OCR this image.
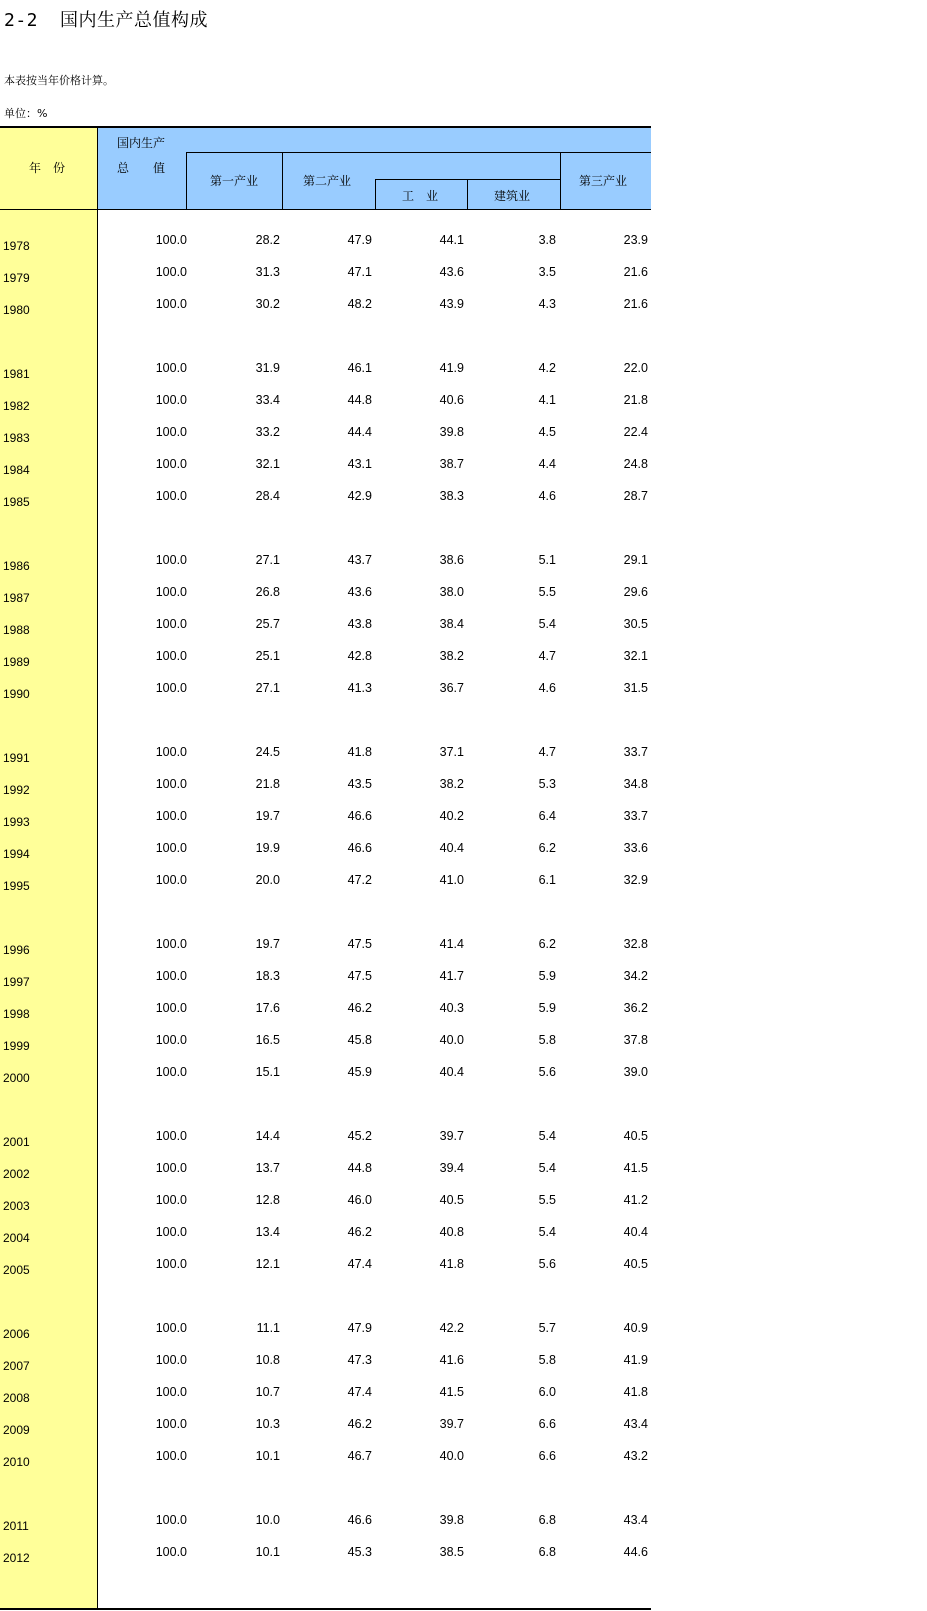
2-2 国内生产总值构成
本表按当年价格计算。
单位：%
年　份
国内生产
总　　值
第一产业	第二产业
工　业	建筑业
第三产业
1978	100.0	28.2	47.9	44.1	3.8	23.9
1979	100.0	31.3	47.1	43.6	3.5	21.6
1980	100.0	30.2	48.2	43.9	4.3	21.6
1981	100.0	31.9	46.1	41.9	4.2	22.0
1982	100.0	33.4	44.8	40.6	4.1	21.8
1983	100.0	33.2	44.4	39.8	4.5	22.4
1984	100.0	32.1	43.1	38.7	4.4	24.8
1985	100.0	28.4	42.9	38.3	4.6	28.7
1986	100.0	27.1	43.7	38.6	5.1	29.1
1987	100.0	26.8	43.6	38.0	5.5	29.6
1988	100.0	25.7	43.8	38.4	5.4	30.5
1989	100.0	25.1	42.8	38.2	4.7	32.1
1990	100.0	27.1	41.3	36.7	4.6	31.5
1991	100.0	24.5	41.8	37.1	4.7	33.7
1992	100.0	21.8	43.5	38.2	5.3	34.8
1993	100.0	19.7	46.6	40.2	6.4	33.7
1994	100.0	19.9	46.6	40.4	6.2	33.6
1995	100.0	20.0	47.2	41.0	6.1	32.9
1996	100.0	19.7	47.5	41.4	6.2	32.8
1997	100.0	18.3	47.5	41.7	5.9	34.2
1998	100.0	17.6	46.2	40.3	5.9	36.2
1999	100.0	16.5	45.8	40.0	5.8	37.8
2000	100.0	15.1	45.9	40.4	5.6	39.0
2001	100.0	14.4	45.2	39.7	5.4	40.5
2002	100.0	13.7	44.8	39.4	5.4	41.5
2003	100.0	12.8	46.0	40.5	5.5	41.2
2004	100.0	13.4	46.2	40.8	5.4	40.4
2005	100.0	12.1	47.4	41.8	5.6	40.5
2006	100.0	11.1	47.9	42.2	5.7	40.9
2007	100.0	10.8	47.3	41.6	5.8	41.9
2008	100.0	10.7	47.4	41.5	6.0	41.8
2009	100.0	10.3	46.2	39.7	6.6	43.4
2010	100.0	10.1	46.7	40.0	6.6	43.2
2011	100.0	10.0	46.6	39.8	6.8	43.4
2012	100.0	10.1	45.3	38.5	6.8	44.6
